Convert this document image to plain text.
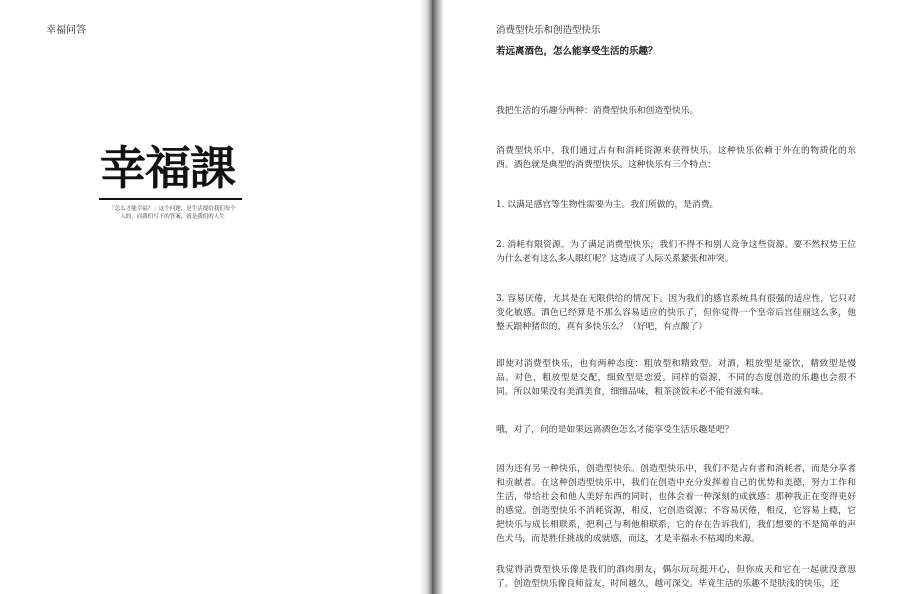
幸福问答
幸福課
「怎么才能幸福？」这个问题，是生活提给我们每个
人的，而我们写下的答案，就是我们的人生
消费型快乐和创造型快乐
若远离酒色，怎么能享受生活的乐趣？

我把生活的乐趣分两种：消费型快乐和创造型快乐。

消费型快乐中，我们通过占有和消耗资源来获得快乐。这种快乐依赖于外在的物质化的东西。酒色就是典型的消费型快乐。这种快乐有三个特点：

1. 以满足感官等生物性需要为主。我们所做的，是消费。

2. 消耗有限资源。为了满足消费型快乐，我们不得不和别人竞争这些资源。要不然权势王位为什么老有这么多人眼红呢？这造成了人际关系紧张和冲突。

3. 容易厌倦，尤其是在无限供给的情况下。因为我们的感官系统具有很强的适应性，它只对变化敏感。酒色已经算是不那么容易适应的快乐了，但你觉得一个皇帝后宫佳丽这么多，他整天跟种猪似的，真有多快乐么？（好吧，有点酸了）

即使对消费型快乐，也有两种态度：粗放型和精致型。对酒，粗放型是豪饮，精致型是慢品。对色，粗放型是交配，细致型是恋爱。同样的资源，不同的态度创造的乐趣也会很不同。所以如果没有美酒美食，细细品味，粗茶淡饭未必不能有滋有味。

哦，对了，问的是如果远离酒色怎么才能享受生活乐趣是吧？

因为还有另一种快乐，创造型快乐。创造型快乐中，我们不是占有者和消耗者，而是分享者和贡献者。在这种创造型快乐中，我们在创造中充分发挥着自己的优势和美德，努力工作和生活，带给社会和他人美好东西的同时，也体会着一种深刻的成就感：那种我正在变得更好的感觉。创造型快乐不消耗资源，相反，它创造资源；不容易厌倦，相反，它容易上瘾，它把快乐与成长相联系，把利己与利他相联系，它的存在告诉我们，我们想要的不是简单的声色犬马，而是胜任挑战的成就感，而这，才是幸福永不枯竭的来源。

我觉得消费型快乐像是我们的酒肉朋友，偶尔玩玩挺开心，但你成天和它在一起就没意思了。创造型快乐像良师益友，时间越久，越可深交。毕竟生活的乐趣不是肤浅的快乐，还
